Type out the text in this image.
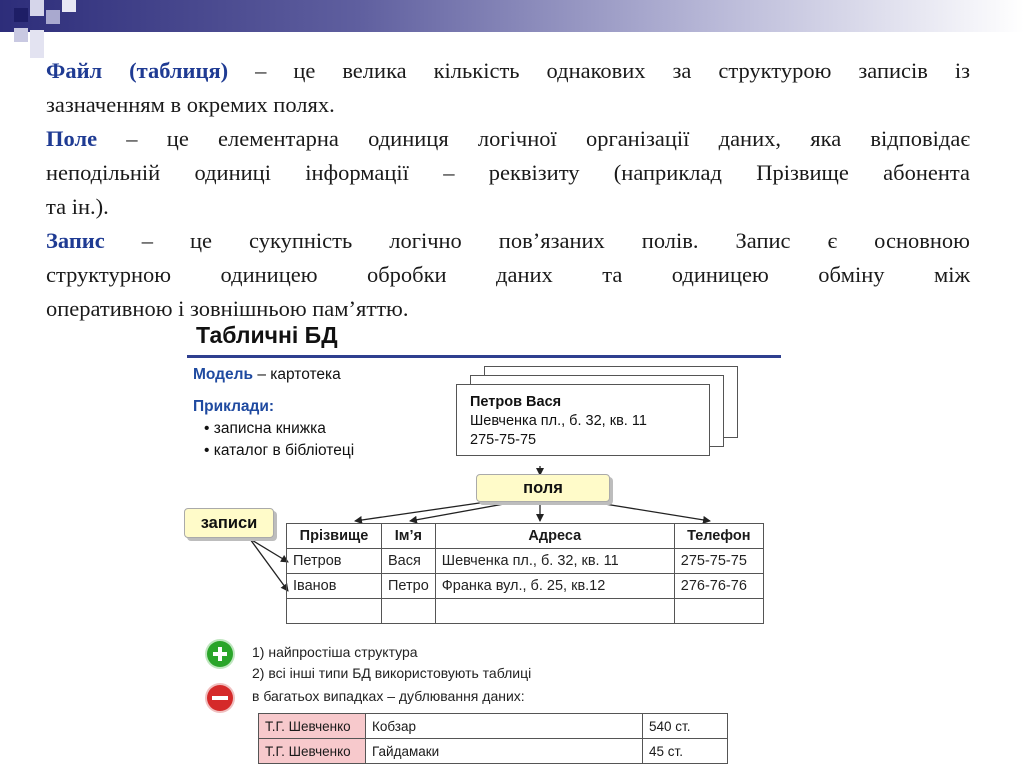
Файл (таблиця) – це велика кількість однакових за структурою записів із
зазначенням в окремих полях.
Поле – це елементарна одиниця логічної організації даних, яка відповідає
неподільній одиниці інформації – реквізиту (наприклад Прізвище абонента
та ін.).
Запис – це сукупність логічно пов’язаних полів. Запис є основною
структурною одиницею обробки даних та одиницею обміну між
оперативною і зовнішньою пам’яттю.
Табличні БД
Модель – картотека
Приклади:
• записна книжка
• каталог в бібліотеці
Петров Вася
Шевченка пл., б. 32, кв. 11
275-75-75
поля
записи
Прізвище	Ім’я	Адреса	Телефон
Петров	Вася	Шевченка пл., б. 32, кв. 11	275-75-75
Іванов	Петро	Франка вул., б. 25, кв.12	276-76-76

1) найпростіша структура
2) всі інші типи БД використовують таблиці
в багатьох випадках – дублювання даних:
Т.Г. Шевченко	Кобзар	540 ст.
Т.Г. Шевченко	Гайдамаки	45 ст.
